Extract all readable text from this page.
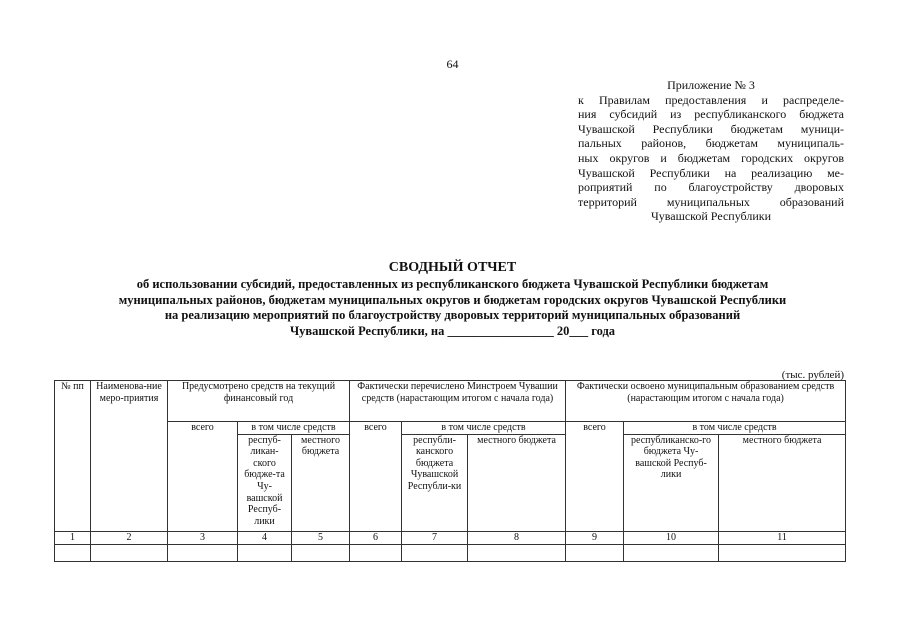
64
Приложение № 3
к Правилам предоставления и распределе-
ния субсидий из республиканского бюджета
Чувашской Республики бюджетам муници-
пальных районов, бюджетам муниципаль-
ных округов и бюджетам городских округов
Чувашской Республики на реализацию ме-
роприятий по благоустройству дворовых
территорий муниципальных образований
Чувашской Республики
СВОДНЫЙ ОТЧЕТ
об использовании субсидий, предоставленных из республиканского бюджета Чувашской Республики бюджетам
муниципальных районов, бюджетам муниципальных округов и бюджетам городских округов Чувашской Республики
на реализацию мероприятий по благоустройству дворовых территорий муниципальных образований
Чувашской Республики, на _________________ 20___ года
(тыс. рублей)
№ пп	Наименова-ние меро-приятия	Предусмотрено средств на текущий финансовый год			Фактически перечислено Минстроем Чувашии средств (нарастающим итогом с начала года)			Фактически освоено муниципальным образованием средств (нарастающим итогом с начала года)		
		всего	в том числе средств		всего	в том числе средств		всего	в том числе средств	
			респуб-ликан-ского бюдже-та Чу-вашской Респуб-лики	местного бюджета		республи-канского бюджета Чувашской Республи-ки	местного бюджета		республиканско-го бюджета Чу-вашской Респуб-лики	местного бюджета
1	2	3	4	5	6	7	8	9	10	11
